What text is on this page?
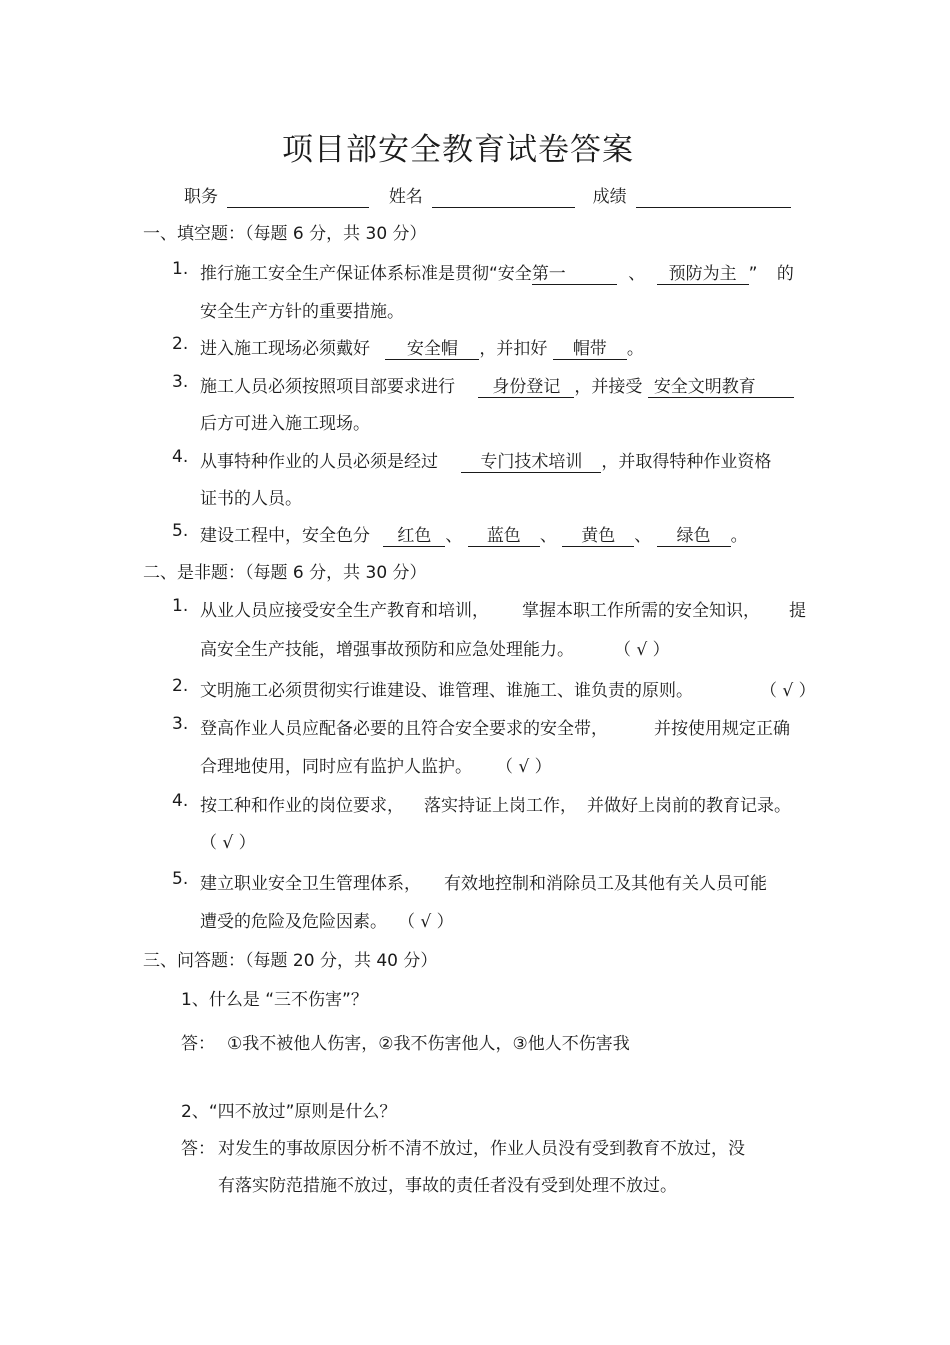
项目部安全教育试卷答案
职务	姓名	成绩
一、填空题：（每题 6 分，共 30 分）
1. 推行施工安全生产保证体系标准是贯彻“安全第一	、 预防为主 ” 的
安全生产方针的重要措施。
2. 进入施工现场必须戴好 安全帽 ，并扣好 帽带 。
3. 施工人员必须按照项目部要求进行 身份登记 ，并接受 安全文明教育
后方可进入施工现场。
4. 从事特种作业的人员必须是经过 专门技术培训 ，并取得特种作业资格
证书的人员。
5. 建设工程中，安全色分 红色 、 蓝色 、 黄色 、 绿色 。
二、是非题：（每题 6 分，共 30 分）
1. 从业人员应接受安全生产教育和培训， 掌握本职工作所需的安全知识， 提
高安全生产技能，增强事故预防和应急处理能力。 （ √ ）
2. 文明施工必须贯彻实行谁建设、谁管理、谁施工、谁负责的原则。	（ √ ）
3. 登高作业人员应配备必要的且符合安全要求的安全带，	并按使用规定正确
合理地使用，同时应有监护人监护。 （ √ ）
4. 按工种和作业的岗位要求， 落实持证上岗工作， 并做好上岗前的教育记录。
（ √ ）
5. 建立职业安全卫生管理体系， 有效地控制和消除员工及其他有关人员可能
遭受的危险及危险因素。 （ √ ）
三、问答题：（每题 20 分，共 40 分）
1、什么是 “三不伤害”？
答： ①我不被他人伤害，②我不伤害他人，③他人不伤害我
2、“四不放过”原则是什么？
答： 对发生的事故原因分析不清不放过，作业人员没有受到教育不放过，没
有落实防范措施不放过，事故的责任者没有受到处理不放过。
